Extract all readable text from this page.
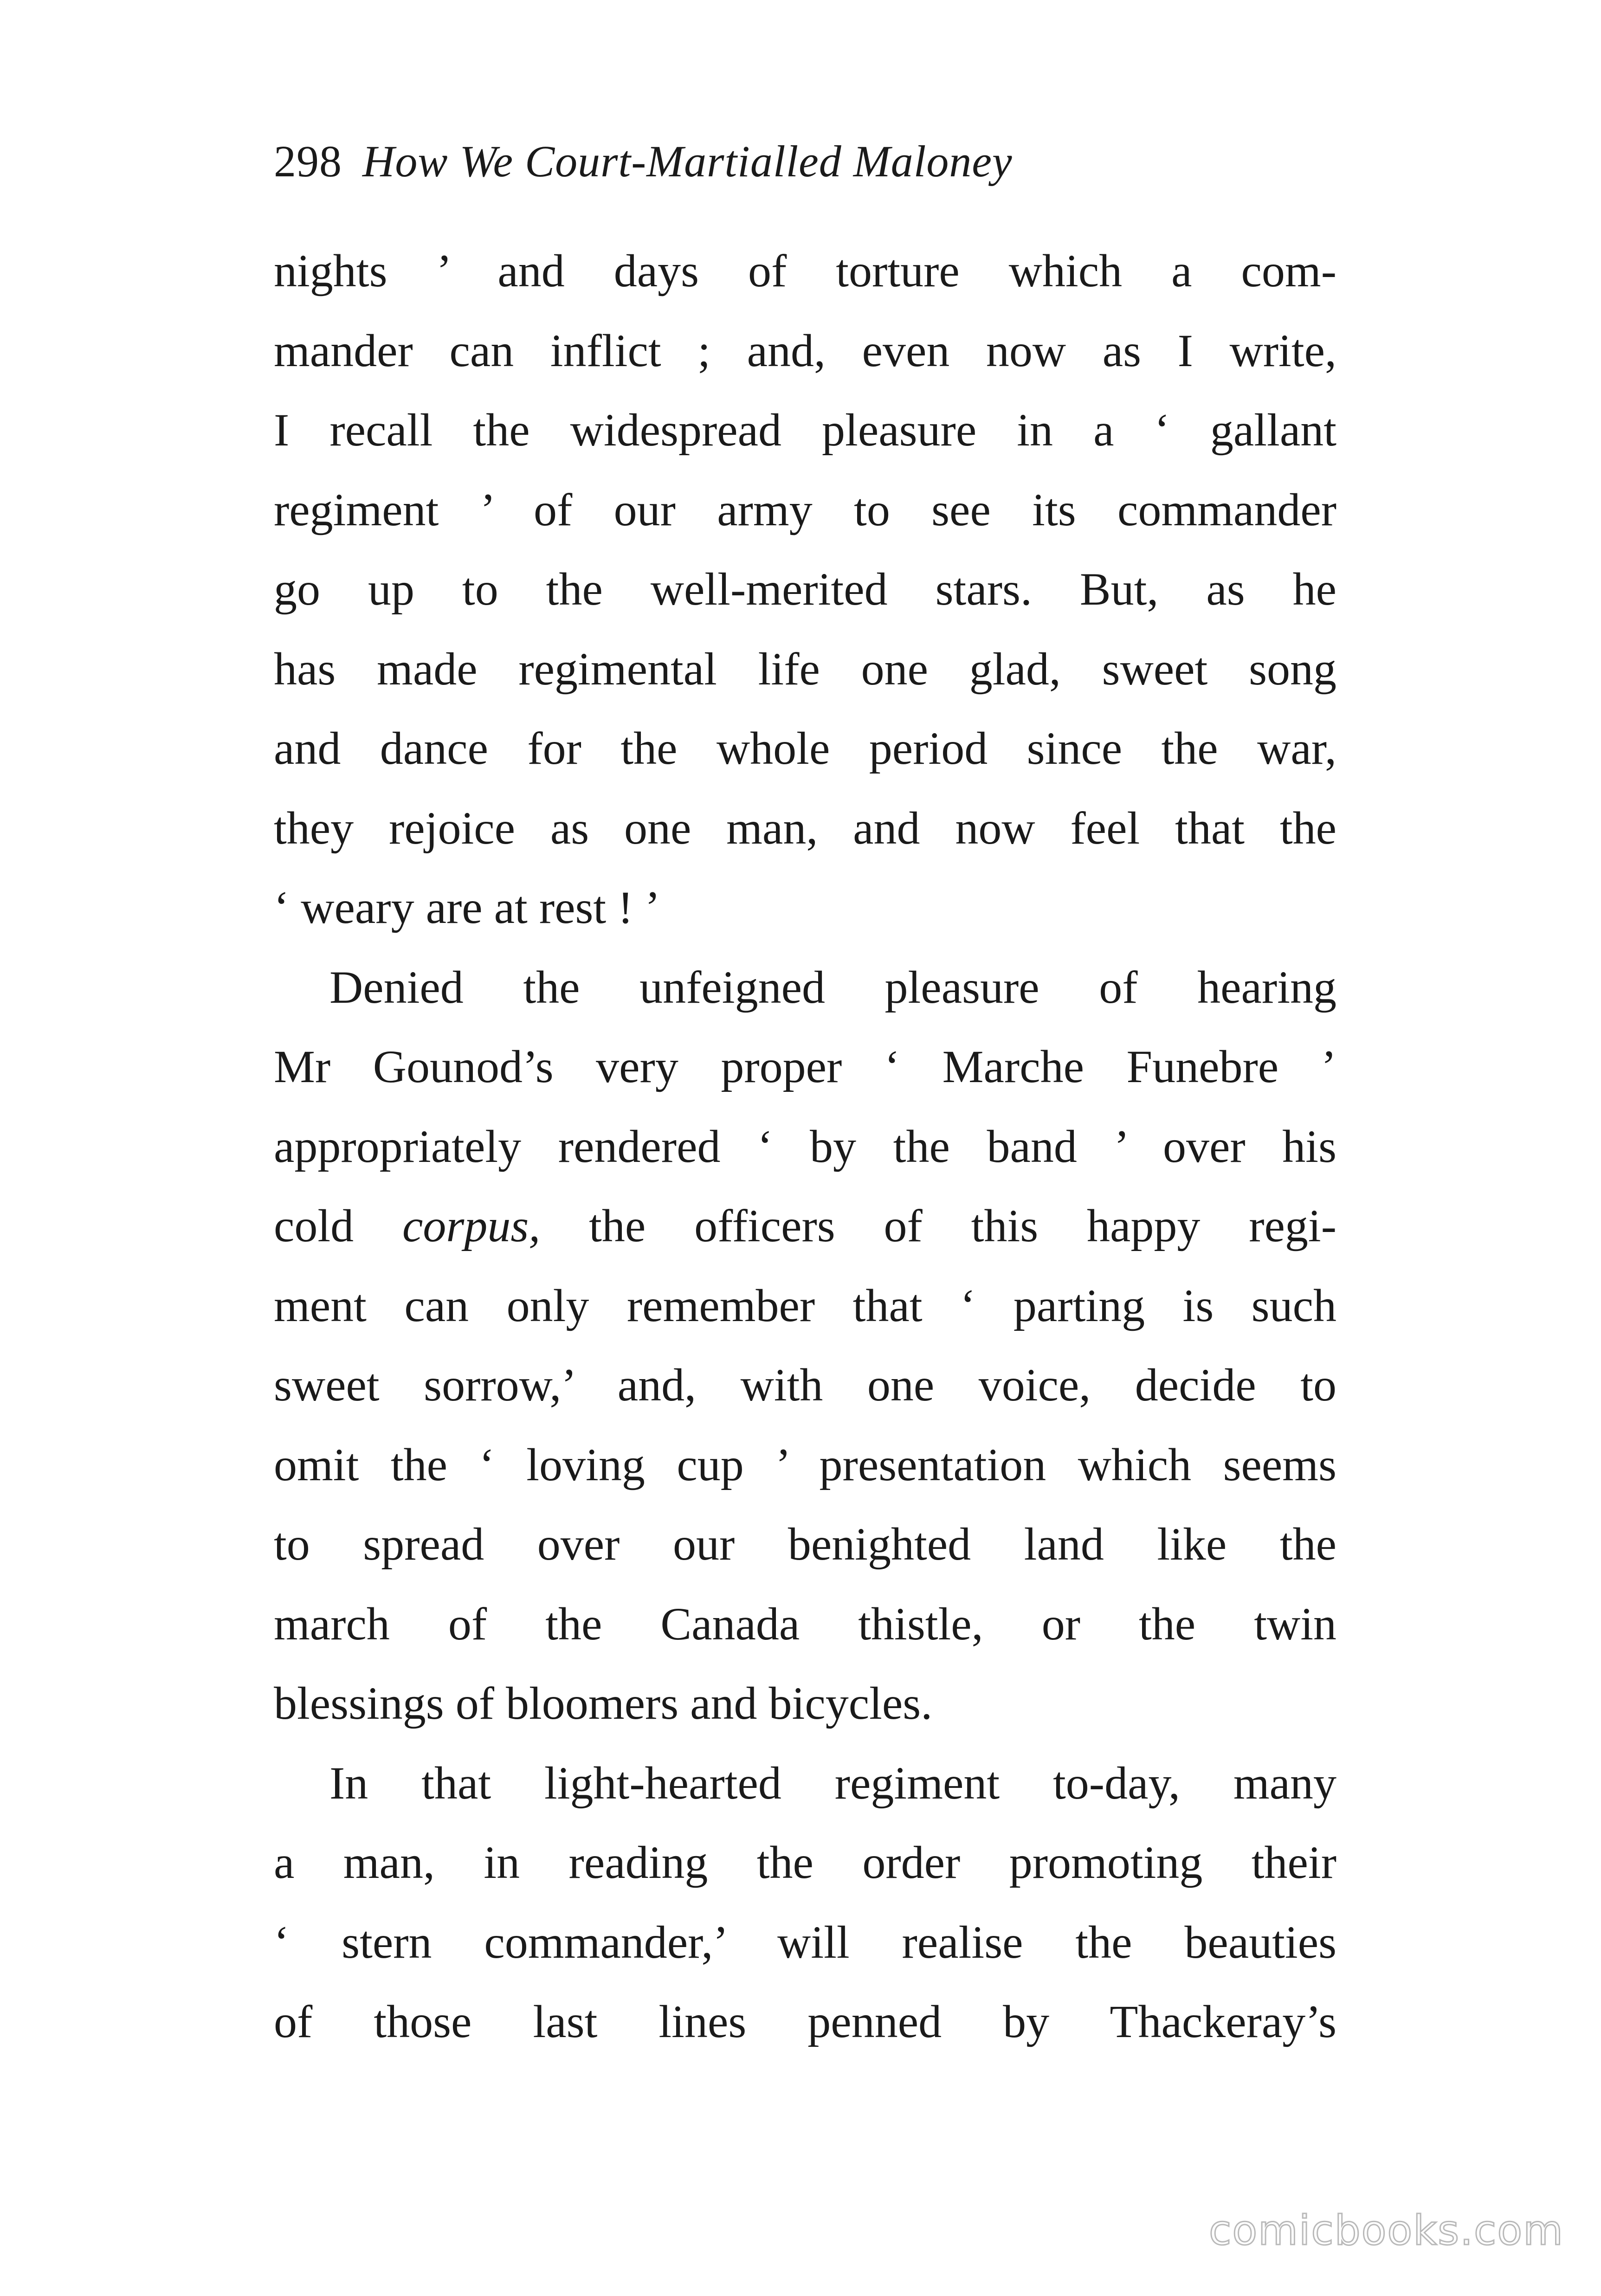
298 How We Court-Martialled Maloney
nights ’ and days of torture which a com-
mander can inflict ; and, even now as I write,
I recall the widespread pleasure in a ‘ gallant
regiment ’ of our army to see its commander
go up to the well-merited stars. But, as he
has made regimental life one glad, sweet song
and dance for the whole period since the war,
they rejoice as one man, and now feel that the
‘ weary are at rest ! ’
Denied the unfeigned pleasure of hearing
Mr Gounod’s very proper ‘ Marche Funebre ’
appropriately rendered ‘ by the band ’ over his
cold corpus, the officers of this happy regi-
ment can only remember that ‘ parting is such
sweet sorrow,’ and, with one voice, decide to
omit the ‘ loving cup ’ presentation which seems
to spread over our benighted land like the
march of the Canada thistle, or the twin
blessings of bloomers and bicycles.
In that light-hearted regiment to-day, many
a man, in reading the order promoting their
‘ stern commander,’ will realise the beauties
of those last lines penned by Thackeray’s
comicbooks.com
